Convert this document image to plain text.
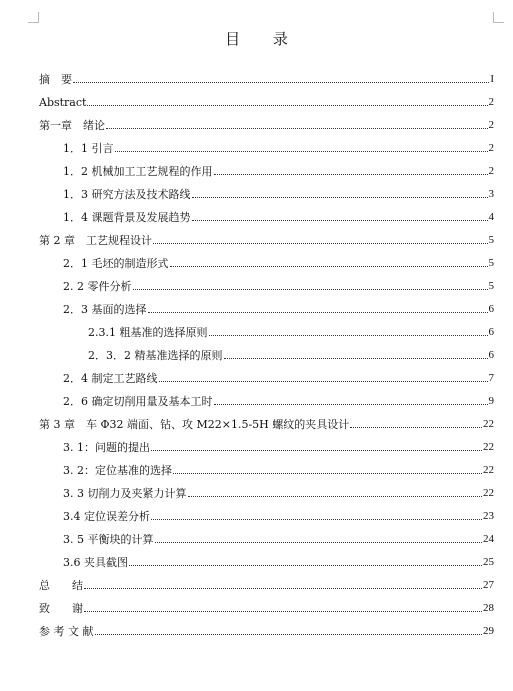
目 录
摘　要	I
Abstract	2
第一章　绪论	2
1．1 引言	2
1．2 机械加工工艺规程的作用	2
1．3 研究方法及技术路线	3
1．4 课题背景及发展趋势	4
第 2 章　工艺规程设计	5
2．1 毛坯的制造形式	5
2. 2 零件分析	5
2．3 基面的选择	6
2.3.1 粗基准的选择原则	6
2．3．2 精基准选择的原则	6
2．4 制定工艺路线	7
2．6 确定切削用量及基本工时	9
第 3 章　车 Φ32 端面、钻、攻 M22×1.5-5H 螺纹的夹具设计	22
3. 1：问题的提出	22
3. 2：定位基准的选择	22
3. 3 切削力及夹紧力计算	22
3.4 定位误差分析	23
3. 5 平衡块的计算	24
3.6 夹具截图	25
总　　结	27
致　　谢	28
参 考 文 献	29
